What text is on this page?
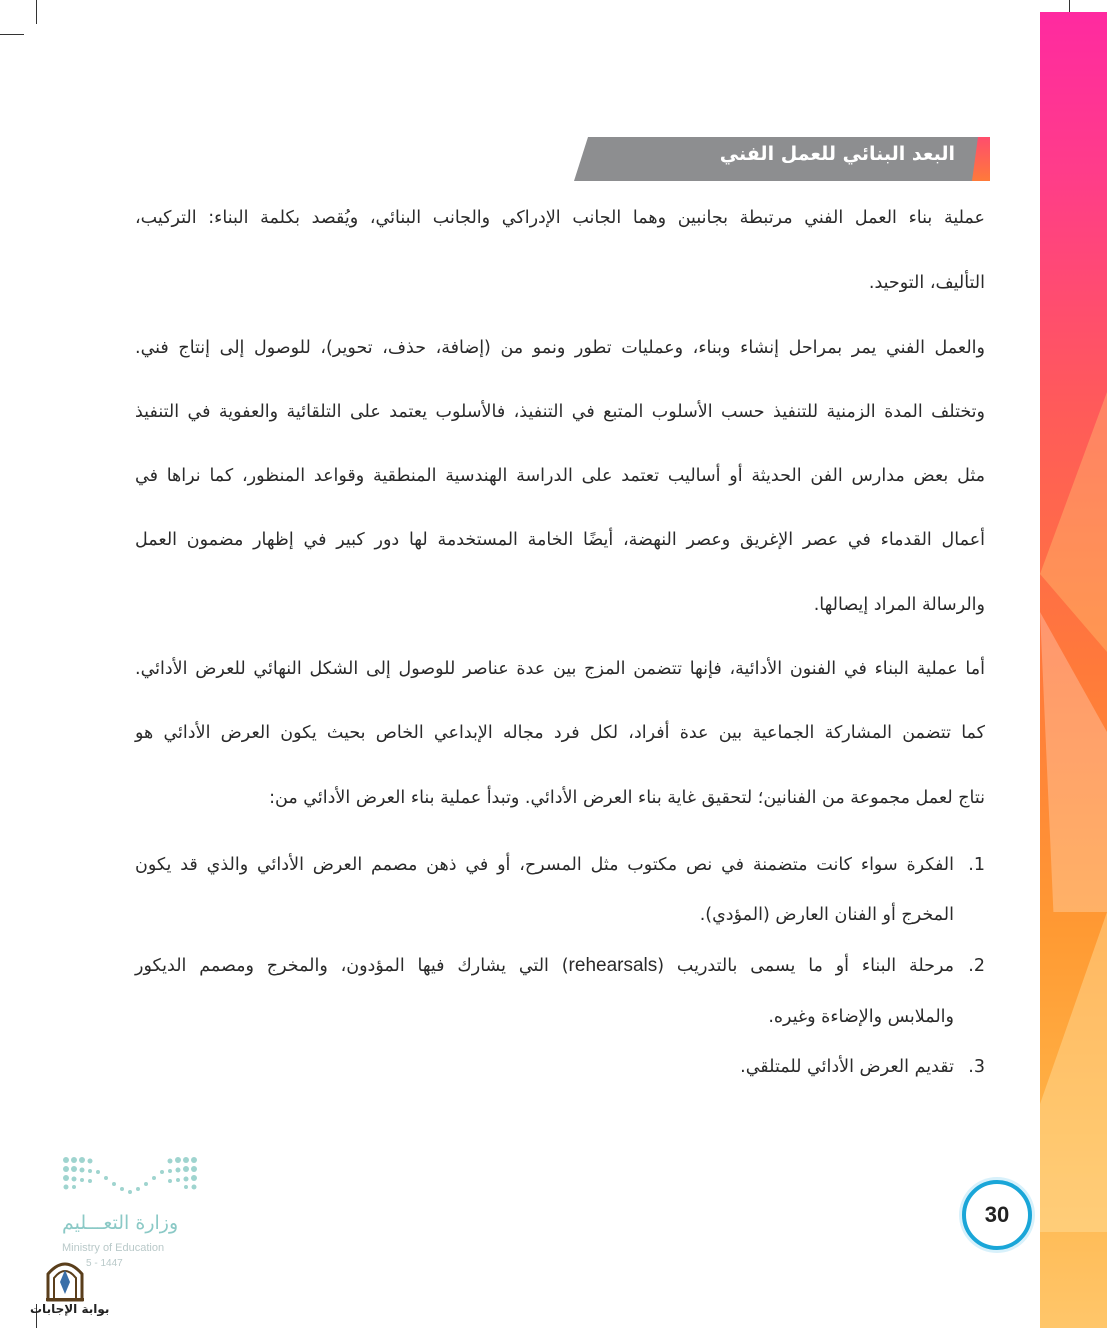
البعد البنائي للعمل الفني
عملية بناء العمل الفني مرتبطة بجانبين وهما الجانب الإدراكي والجانب البنائي، ويُقصد بكلمة البناء: التركيب،
التأليف، التوحيد.
والعمل الفني يمر بمراحل إنشاء وبناء، وعمليات تطور ونمو من (إضافة، حذف، تحوير)، للوصول إلى إنتاج فني.
وتختلف المدة الزمنية للتنفيذ حسب الأسلوب المتبع في التنفيذ، فالأسلوب يعتمد على التلقائية والعفوية في التنفيذ
مثل بعض مدارس الفن الحديثة أو أساليب تعتمد على الدراسة الهندسية المنطقية وقواعد المنظور، كما نراها في
أعمال القدماء في عصر الإغريق وعصر النهضة، أيضًا الخامة المستخدمة لها دور كبير في إظهار مضمون العمل
والرسالة المراد إيصالها.
أما عملية البناء في الفنون الأدائية، فإنها تتضمن المزج بين عدة عناصر للوصول إلى الشكل النهائي للعرض الأدائي.
كما تتضمن المشاركة الجماعية بين عدة أفراد، لكل فرد مجاله الإبداعي الخاص بحيث يكون العرض الأدائي هو
نتاج لعمل مجموعة من الفنانين؛ لتحقيق غاية بناء العرض الأدائي. وتبدأ عملية بناء العرض الأدائي من:
.1
الفكرة سواء كانت متضمنة في نص مكتوب مثل المسرح، أو في ذهن مصمم العرض الأدائي والذي قد يكون
المخرج أو الفنان العارض (المؤدي).
.2
مرحلة البناء أو ما يسمى بالتدريب (rehearsals) التي يشارك فيها المؤدون، والمخرج ومصمم الديكور
والملابس والإضاءة وغيره.
.3
تقديم العرض الأدائي للمتلقي.
30
وزارة التعـــليم
Ministry of Education
5 - 1447
بوابة الإجابات
